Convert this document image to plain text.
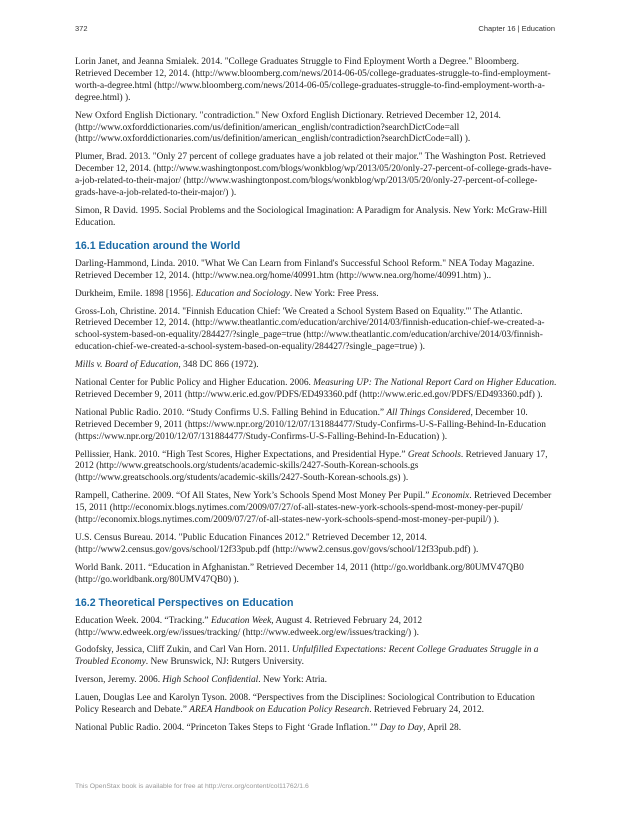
372	Chapter 16 | Education

Lorin Janet, and Jeanna Smialek. 2014. "College Graduates Struggle to Find Eployment Worth a Degree." Bloomberg. Retrieved December 12, 2014. (http://www.bloomberg.com/news/2014-06-05/college-graduates-struggle-to-find-employment-worth-a-degree.html (http://www.bloomberg.com/news/2014-06-05/college-graduates-struggle-to-find-employment-worth-a-degree.html) ).

New Oxford English Dictionary. "contradiction." New Oxford English Dictionary. Retrieved December 12, 2014. (http://www.oxforddictionaries.com/us/definition/american_english/contradiction?searchDictCode=all (http://www.oxforddictionaries.com/us/definition/american_english/contradiction?searchDictCode=all) ).

Plumer, Brad. 2013. "Only 27 percent of college graduates have a job related ot their major." The Washington Post. Retrieved December 12, 2014. (http://www.washingtonpost.com/blogs/wonkblog/wp/2013/05/20/only-27-percent-of-college-grads-have-a-job-related-to-their-major/ (http://www.washingtonpost.com/blogs/wonkblog/wp/2013/05/20/only-27-percent-of-college-grads-have-a-job-related-to-their-major/) ).

Simon, R David. 1995. Social Problems and the Sociological Imagination: A Paradigm for Analysis. New York: McGraw-Hill Education.

16.1 Education around the World

Darling-Hammond, Linda. 2010. "What We Can Learn from Finland's Successful School Reform." NEA Today Magazine. Retrieved December 12, 2014. (http://www.nea.org/home/40991.htm (http://www.nea.org/home/40991.htm) )..

Durkheim, Emile. 1898 [1956]. Education and Sociology. New York: Free Press.

Gross-Loh, Christine. 2014. "Finnish Education Chief: 'We Created a School System Based on Equality.'" The Atlantic. Retrieved December 12, 2014. (http://www.theatlantic.com/education/archive/2014/03/finnish-education-chief-we-created-a-school-system-based-on-equality/284427/?single_page=true (http://www.theatlantic.com/education/archive/2014/03/finnish-education-chief-we-created-a-school-system-based-on-equality/284427/?single_page=true) ).

Mills v. Board of Education, 348 DC 866 (1972).

National Center for Public Policy and Higher Education. 2006. Measuring UP: The National Report Card on Higher Education. Retrieved December 9, 2011 (http://www.eric.ed.gov/PDFS/ED493360.pdf (http://www.eric.ed.gov/PDFS/ED493360.pdf) ).

National Public Radio. 2010. “Study Confirms U.S. Falling Behind in Education.” All Things Considered, December 10. Retrieved December 9, 2011 (https://www.npr.org/2010/12/07/131884477/Study-Confirms-U-S-Falling-Behind-In-Education (https://www.npr.org/2010/12/07/131884477/Study-Confirms-U-S-Falling-Behind-In-Education) ).

Pellissier, Hank. 2010. “High Test Scores, Higher Expectations, and Presidential Hype.” Great Schools. Retrieved January 17, 2012 (http://www.greatschools.org/students/academic-skills/2427-South-Korean-schools.gs (http://www.greatschools.org/students/academic-skills/2427-South-Korean-schools.gs) ).

Rampell, Catherine. 2009. “Of All States, New York’s Schools Spend Most Money Per Pupil.” Economix. Retrieved December 15, 2011 (http://economix.blogs.nytimes.com/2009/07/27/of-all-states-new-york-schools-spend-most-money-per-pupil/ (http://economix.blogs.nytimes.com/2009/07/27/of-all-states-new-york-schools-spend-most-money-per-pupil/) ).

U.S. Census Bureau. 2014. "Public Education Finances 2012." Retrieved December 12, 2014. (http://www2.census.gov/govs/school/12f33pub.pdf (http://www2.census.gov/govs/school/12f33pub.pdf) ).

World Bank. 2011. “Education in Afghanistan.” Retrieved December 14, 2011 (http://go.worldbank.org/80UMV47QB0 (http://go.worldbank.org/80UMV47QB0) ).

16.2 Theoretical Perspectives on Education

Education Week. 2004. “Tracking.” Education Week, August 4. Retrieved February 24, 2012 (http://www.edweek.org/ew/issues/tracking/ (http://www.edweek.org/ew/issues/tracking/) ).

Godofsky, Jessica, Cliff Zukin, and Carl Van Horn. 2011. Unfulfilled Expectations: Recent College Graduates Struggle in a Troubled Economy. New Brunswick, NJ: Rutgers University.

Iverson, Jeremy. 2006. High School Confidential. New York: Atria.

Lauen, Douglas Lee and Karolyn Tyson. 2008. “Perspectives from the Disciplines: Sociological Contribution to Education Policy Research and Debate.” AREA Handbook on Education Policy Research. Retrieved February 24, 2012.

National Public Radio. 2004. “Princeton Takes Steps to Fight ‘Grade Inflation.’” Day to Day, April 28.

This OpenStax book is available for free at http://cnx.org/content/col11762/1.6
